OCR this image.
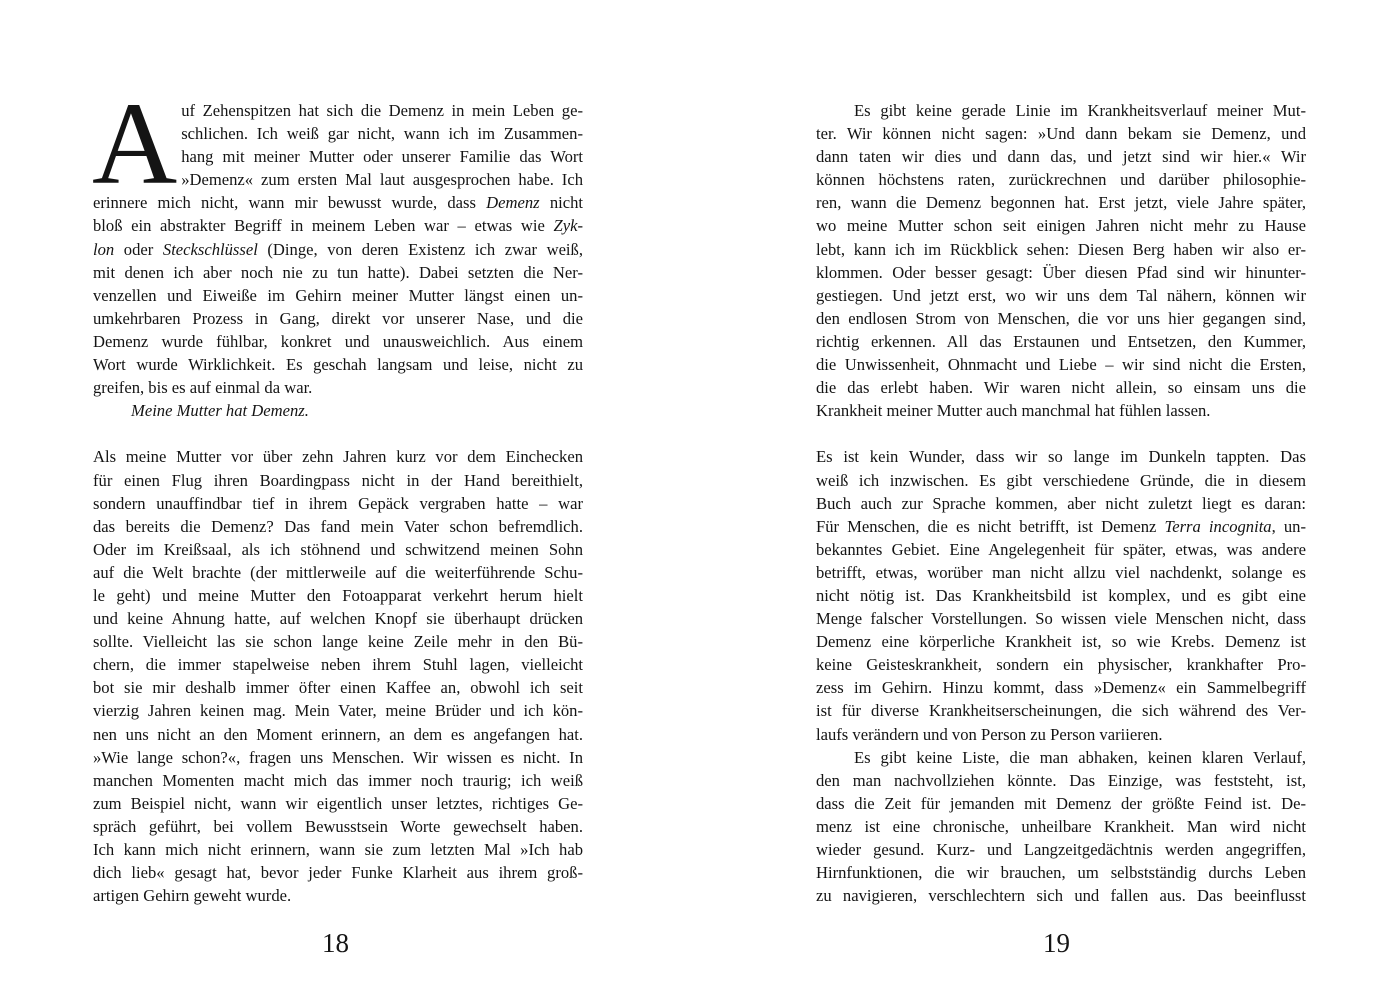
A uf Zehenspitzen hat sich die Demenz in mein Leben ge-
schlichen. Ich weiß gar nicht, wann ich im Zusammen-
hang mit meiner Mutter oder unserer Familie das Wort
»Demenz« zum ersten Mal laut ausgesprochen habe. Ich
erinnere mich nicht, wann mir bewusst wurde, dass Demenz nicht
bloß ein abstrakter Begriff in meinem Leben war – etwas wie Zyk-
lon oder Steckschlüssel (Dinge, von deren Existenz ich zwar weiß,
mit denen ich aber noch nie zu tun hatte). Dabei setzten die Ner-
venzellen und Eiweiße im Gehirn meiner Mutter längst einen un-
umkehrbaren Prozess in Gang, direkt vor unserer Nase, und die
Demenz wurde fühlbar, konkret und unausweichlich. Aus einem
Wort wurde Wirklichkeit. Es geschah langsam und leise, nicht zu
greifen, bis es auf einmal da war.
Meine Mutter hat Demenz.
Als meine Mutter vor über zehn Jahren kurz vor dem Einchecken
für einen Flug ihren Boardingpass nicht in der Hand bereithielt,
sondern unauffindbar tief in ihrem Gepäck vergraben hatte – war
das bereits die Demenz? Das fand mein Vater schon befremdlich.
Oder im Kreißsaal, als ich stöhnend und schwitzend meinen Sohn
auf die Welt brachte (der mittlerweile auf die weiterführende Schu-
le geht) und meine Mutter den Fotoapparat verkehrt herum hielt
und keine Ahnung hatte, auf welchen Knopf sie überhaupt drücken
sollte. Vielleicht las sie schon lange keine Zeile mehr in den Bü-
chern, die immer stapelweise neben ihrem Stuhl lagen, vielleicht
bot sie mir deshalb immer öfter einen Kaffee an, obwohl ich seit
vierzig Jahren keinen mag. Mein Vater, meine Brüder und ich kön-
nen uns nicht an den Moment erinnern, an dem es angefangen hat.
»Wie lange schon?«, fragen uns Menschen. Wir wissen es nicht. In
manchen Momenten macht mich das immer noch traurig; ich weiß
zum Beispiel nicht, wann wir eigentlich unser letztes, richtiges Ge-
spräch geführt, bei vollem Bewusstsein Worte gewechselt haben.
Ich kann mich nicht erinnern, wann sie zum letzten Mal »Ich hab
dich lieb« gesagt hat, bevor jeder Funke Klarheit aus ihrem groß-
artigen Gehirn geweht wurde.
18
Es gibt keine gerade Linie im Krankheitsverlauf meiner Mut-
ter. Wir können nicht sagen: »Und dann bekam sie Demenz, und
dann taten wir dies und dann das, und jetzt sind wir hier.« Wir
können höchstens raten, zurückrechnen und darüber philosophie-
ren, wann die Demenz begonnen hat. Erst jetzt, viele Jahre später,
wo meine Mutter schon seit einigen Jahren nicht mehr zu Hause
lebt, kann ich im Rückblick sehen: Diesen Berg haben wir also er-
klommen. Oder besser gesagt: Über diesen Pfad sind wir hinunter-
gestiegen. Und jetzt erst, wo wir uns dem Tal nähern, können wir
den endlosen Strom von Menschen, die vor uns hier gegangen sind,
richtig erkennen. All das Erstaunen und Entsetzen, den Kummer,
die Unwissenheit, Ohnmacht und Liebe – wir sind nicht die Ersten,
die das erlebt haben. Wir waren nicht allein, so einsam uns die
Krankheit meiner Mutter auch manchmal hat fühlen lassen.
Es ist kein Wunder, dass wir so lange im Dunkeln tappten. Das
weiß ich inzwischen. Es gibt verschiedene Gründe, die in diesem
Buch auch zur Sprache kommen, aber nicht zuletzt liegt es daran:
Für Menschen, die es nicht betrifft, ist Demenz Terra incognita, un-
bekanntes Gebiet. Eine Angelegenheit für später, etwas, was andere
betrifft, etwas, worüber man nicht allzu viel nachdenkt, solange es
nicht nötig ist. Das Krankheitsbild ist komplex, und es gibt eine
Menge falscher Vorstellungen. So wissen viele Menschen nicht, dass
Demenz eine körperliche Krankheit ist, so wie Krebs. Demenz ist
keine Geisteskrankheit, sondern ein physischer, krankhafter Pro-
zess im Gehirn. Hinzu kommt, dass »Demenz« ein Sammelbegriff
ist für diverse Krankheitserscheinungen, die sich während des Ver-
laufs verändern und von Person zu Person variieren.
Es gibt keine Liste, die man abhaken, keinen klaren Verlauf,
den man nachvollziehen könnte. Das Einzige, was feststeht, ist,
dass die Zeit für jemanden mit Demenz der größte Feind ist. De-
menz ist eine chronische, unheilbare Krankheit. Man wird nicht
wieder gesund. Kurz- und Langzeitgedächtnis werden angegriffen,
Hirnfunktionen, die wir brauchen, um selbstständig durchs Leben
zu navigieren, verschlechtern sich und fallen aus. Das beeinflusst
19
